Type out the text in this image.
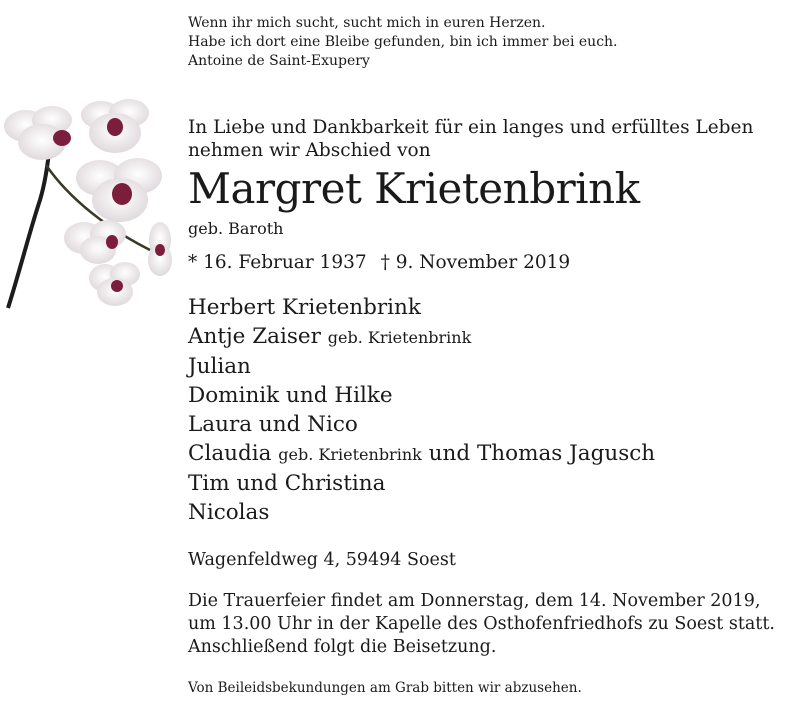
Wenn ihr mich sucht, sucht mich in euren Herzen.
Habe ich dort eine Bleibe gefunden, bin ich immer bei euch.
Antoine de Saint-Exupery
In Liebe und Dankbarkeit für ein langes und erfülltes Leben
nehmen wir Abschied von
Margret Krietenbrink
geb. Baroth
* 16. Februar 1937 † 9. November 2019
Herbert Krietenbrink
Antje Zaiser geb. Krietenbrink
Julian
Dominik und Hilke
Laura und Nico
Claudia geb. Krietenbrink und Thomas Jagusch
Tim und Christina
Nicolas
Wagenfeldweg 4, 59494 Soest
Die Trauerfeier findet am Donnerstag, dem 14. November 2019,
um 13.00 Uhr in der Kapelle des Osthofenfriedhofs zu Soest statt.
Anschließend folgt die Beisetzung.
Von Beileidsbekundungen am Grab bitten wir abzusehen.
